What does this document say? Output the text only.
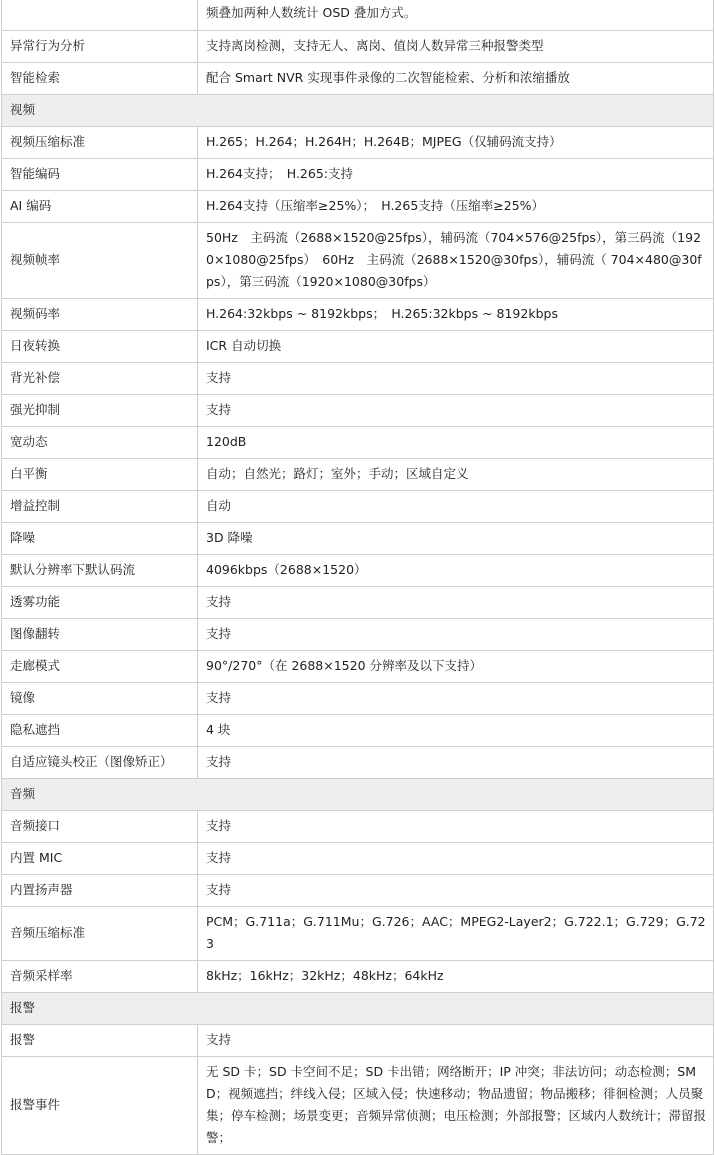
	频叠加两种人数统计 OSD 叠加方式。
异常行为分析	支持离岗检测，支持无人、离岗、值岗人数异常三种报警类型
智能检索	配合 Smart NVR 实现事件录像的二次智能检索、分析和浓缩播放
视频	
视频压缩标准	H.265；H.264；H.264H；H.264B；MJPEG（仅辅码流支持）
智能编码	H.264支持；　H.265:支持
AI 编码	H.264支持（压缩率≥25%）；　H.265支持（压缩率≥25%）
视频帧率	50Hz　主码流（2688×1520@25fps），辅码流（704×576@25fps），第三码流（1920×1080@25fps）　60Hz　主码流（2688×1520@30fps），辅码流（ 704×480@30fps），第三码流（1920×1080@30fps）
视频码率	H.264:32kbps ~ 8192kbps；　H.265:32kbps ~ 8192kbps
日夜转换	ICR 自动切换
背光补偿	支持
强光抑制	支持
宽动态	120dB
白平衡	自动；自然光；路灯；室外；手动；区域自定义
增益控制	自动
降噪	3D 降噪
默认分辨率下默认码流	4096kbps（2688×1520）
透雾功能	支持
图像翻转	支持
走廊模式	90°/270°（在 2688×1520 分辨率及以下支持）
镜像	支持
隐私遮挡	4 块
自适应镜头校正（图像矫正）	支持
音频	
音频接口	支持
内置 MIC	支持
内置扬声器	支持
音频压缩标准	PCM；G.711a；G.711Mu；G.726；AAC；MPEG2-Layer2；G.722.1；G.729；G.723
音频采样率	8kHz；16kHz；32kHz；48kHz；64kHz
报警	
报警	支持
报警事件	无 SD 卡；SD 卡空间不足；SD 卡出错；网络断开；IP 冲突；非法访问；动态检测；SMD；视频遮挡；绊线入侵；区域入侵；快速移动；物品遗留；物品搬移；徘徊检测；人员聚集；停车检测；场景变更；音频异常侦测；电压检测；外部报警；区域内人数统计；滞留报警；
